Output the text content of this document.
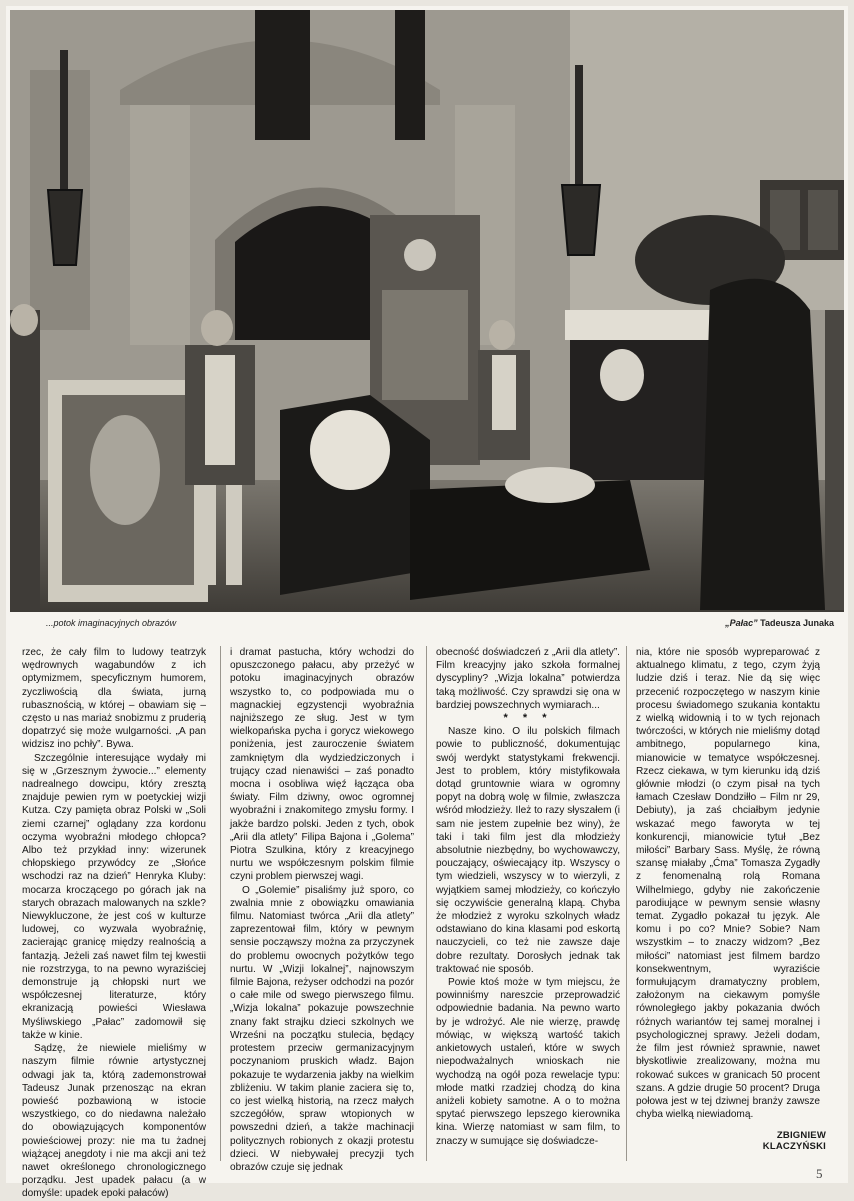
...potok imaginacyjnych obrazów	„Pałac” Tadeusza Junaka

rzec, że cały film to ludowy teatrzyk wędrownych wagabundów z ich optymizmem, specyficznym humorem, zyczliwością dla świata, jurną rubasznością, w której – obawiam się – często u nas mariaż snobizmu z pruderią dopatrzyć się może wulgarności. „A pan widzisz ino pchły”. Bywa.

Szczególnie interesujące wydały mi się w „Grzesznym żywocie...” elementy nadrealnego dowcipu, który zresztą znajduje pewien rym w poetyckiej wizji Kutza. Czy pamięta obraz Polski w „Soli ziemi czarnej” oglądany zza kordonu oczyma wyobraźni młodego chłopca? Albo też przykład inny: wizerunek chłopskiego przywódcy ze „Słońce wschodzi raz na dzień” Henryka Kluby: mocarza kroczącego po górach jak na starych obrazach malowanych na szkle? Niewykluczone, że jest coś w kulturze ludowej, co wyzwala wyobraźnię, zacierając granicę między realnością a fantazją. Jeżeli zaś nawet film tej kwestii nie rozstrzyga, to na pewno wyraziściej demonstruje ją chłopski nurt we współczesnej literaturze, który ekranizacją powieści Wiesława Myśliwskiego „Pałac” zadomowił się także w kinie.

Sądzę, że niewiele mieliśmy w naszym filmie równie artystycznej odwagi jak ta, którą zademonstrował Tadeusz Junak przenosząc na ekran powieść pozbawioną w istocie wszystkiego, co do niedawna należało do obowiązujących komponentów powieściowej prozy: nie ma tu żadnej wiążącej anegdoty i nie ma akcji ani też nawet określonego chronologicznego porządku. Jest upadek pałacu (a w domyśle: upadek epoki pałaców)

i dramat pastucha, który wchodzi do opuszczonego pałacu, aby przeżyć w potoku imaginacyjnych obrazów wszystko to, co podpowiada mu o magnackiej egzystencji wyobraźnia najniższego ze sług. Jest w tym wielkopańska pycha i gorycz wiekowego poniżenia, jest zauroczenie światem zamkniętym dla wydziedziczonych i trujący czad nienawiści – zaś ponadto mocna i osobliwa więź łącząca oba światy. Film dziwny, owoc ogromnej wyobraźni i znakomitego zmysłu formy. I jakże bardzo polski. Jeden z tych, obok „Arii dla atlety” Filipa Bajona i „Golema” Piotra Szulkina, który z kreacyjnego nurtu we współczesnym polskim filmie czyni problem pierwszej wagi.

O „Golemie” pisaliśmy już sporo, co zwalnia mnie z obowiązku omawiania filmu. Natomiast twórca „Arii dla atlety” zaprezentował film, który w pewnym sensie począwszy można za przyczynek do problemu owocnych pożytków tego nurtu. W „Wizji lokalnej”, najnowszym filmie Bajona, reżyser odchodzi na pozór o całe mile od swego pierwszego filmu. „Wizja lokalna” pokazuje powszechnie znany fakt strajku dzieci szkolnych we Wrześni na początku stulecia, będący protestem przeciw germanizacyjnym poczynaniom pruskich władz. Bajon pokazuje te wydarzenia jakby na wielkim zbliżeniu. W takim planie zaciera się to, co jest wielką historią, na rzecz małych szczegółów, spraw wtopionych w powszedni dzień, a także machinacji politycznych robionych z okazji protestu dzieci. W niebywałej precyzji tych obrazów czuje się jednak

obecność doświadczeń z „Arii dla atlety”. Film kreacyjny jako szkoła formalnej dyscypliny? „Wizja lokalna” potwierdza taką możliwość. Czy sprawdzi się ona w bardziej powszechnych wymiarach...

* * *

Nasze kino. O ilu polskich filmach powie to publiczność, dokumentując swój werdykt statystykami frekwencji. Jest to problem, który mistyfikowała dotąd gruntownie wiara w ogromny popyt na dobrą wolę w filmie, zwłaszcza wśród młodzieży. Ileż to razy słyszałem (i sam nie jestem zupełnie bez winy), że taki i taki film jest dla młodzieży absolutnie niezbędny, bo wychowawczy, pouczający, oświecający itp. Wszyscy o tym wiedzieli, wszyscy w to wierzyli, z wyjątkiem samej młodzieży, co kończyło się oczywiście generalną klapą. Chyba że młodzież z wyroku szkolnych władz odstawiano do kina klasami pod eskortą nauczycieli, co też nie zawsze daje dobre rezultaty. Dorosłych jednak tak traktować nie sposób.

Powie ktoś może w tym miejscu, że powinniśmy nareszcie przeprowadzić odpowiednie badania. Na pewno warto by je wdrożyć. Ale nie wierzę, prawdę mówiąc, w większą wartość takich ankietowych ustaleń, które w swych niepodważalnych wnioskach nie wychodzą na ogół poza rewelacje typu: młode matki rzadziej chodzą do kina aniżeli kobiety samotne. A o to można spytać pierwszego lepszego kierownika kina. Wierzę natomiast w sam film, to znaczy w sumujące się doświadcze-

nia, które nie sposób wypreparować z aktualnego klimatu, z tego, czym żyją ludzie dziś i teraz. Nie dą się więc przecenić rozpoczętego w naszym kinie procesu świadomego szukania kontaktu z wielką widownią i to w tych rejonach twórczości, w których nie mieliśmy dotąd ambitnego, popularnego kina, mianowicie w tematyce współczesnej. Rzecz ciekawa, w tym kierunku idą dziś głównie młodzi (o czym pisał na tych łamach Czesław Dondziłło – Film nr 29, Debiuty), ja zaś chciałbym jedynie wskazać mego faworyta w tej konkurencji, mianowicie tytuł „Bez miłości” Barbary Sass. Myślę, że równą szansę miałaby „Ćma” Tomasza Zygadły z fenomenalną rolą Romana Wilhelmiego, gdyby nie zakończenie parodiujące w pewnym sensie własny temat. Zygadło pokazał tu język. Ale komu i po co? Mnie? Sobie? Nam wszystkim – to znaczy widzom? „Bez miłości” natomiast jest filmem bardzo konsekwentnym, wyraziście formułującym dramatyczny problem, założonym na ciekawym pomyśle równoległego jakby pokazania dwóch różnych wariantów tej samej moralnej i psychologicznej sprawy. Jeżeli dodam, że film jest również sprawnie, nawet błyskotliwie zrealizowany, można mu rokować sukces w granicach 50 procent szans. A gdzie drugie 50 procent? Druga połowa jest w tej dziwnej branży zawsze chyba wielką niewiadomą.

ZBIGNIEW
KLACZYŃSKI
5
